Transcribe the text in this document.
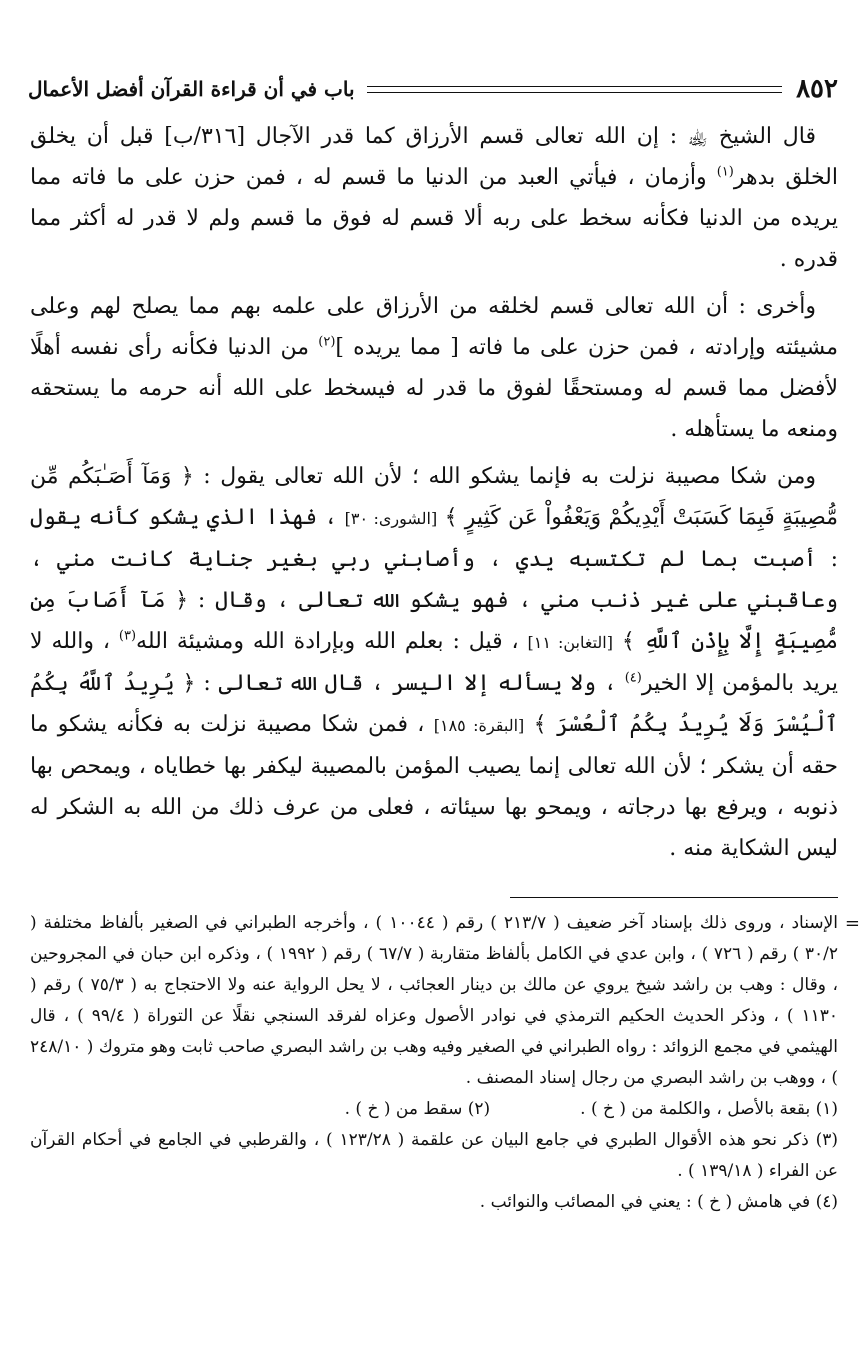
٨٥٢
باب في أن قراءة القرآن أفضل الأعمال

قال الشيخ ﵀ : إن الله تعالى قسم الأرزاق كما قدر الآجال [٣١٦/ب] قبل أن يخلق الخلق بدهر$^{(١)}$ وأزمان ، فيأتي العبد من الدنيا ما قسم له ، فمن حزن على ما فاته مما يريده من الدنيا فكأنه سخط على ربه ألا قسم له فوق ما قسم ولم لا قدر له أكثر مما قدره .

وأخرى : أن الله تعالى قسم لخلقه من الأرزاق على علمه بهم مما يصلح لهم وعلى مشيئته وإرادته ، فمن حزن على ما فاته [ مما يريده ]$^{(٢)}$ من الدنيا فكأنه رأى نفسه أهلًا لأفضل مما قسم له ومستحقًا لفوق ما قدر له فيسخط على الله أنه حرمه ما يستحقه ومنعه ما يستأهله .

ومن شكا مصيبة نزلت به فإنما يشكو الله ؛ لأن الله تعالى يقول : ﴿ وَمَآ أَصَـٰبَكُم مِّن مُّصِيبَةٍ فَبِمَا كَسَبَتْ أَيْدِيكُمْ وَيَعْفُواْ عَن كَثِيرٍ ﴾ [الشورى: ٣٠] ، فهذا الذي يشكو كأنه يقول : أصبت بما لم تكتسبه يدي ، وأصابني ربي بغير جناية كانت مني ، وعاقبني على غير ذنب مني ، فهو يشكو الله تعالى ، وقال : ﴿ مَآ أَصَابَ مِن مُّصِيبَةٍ إِلَّا بِإِذْنِ ٱللَّهِ ﴾ [التغابن: ١١] ، قيل : بعلم الله وبإرادة الله ومشيئة الله$^{(٣)}$ ، والله لا يريد بالمؤمن إلا الخير$^{(٤)}$ ، ولا يسأله إلا اليسر ، قال الله تعالى : ﴿ يُرِيدُ ٱللَّهُ بِكُمُ ٱلْيُسْرَ وَلَا يُرِيدُ بِكُمُ ٱلْعُسْرَ ﴾ [البقرة: ١٨٥] ، فمن شكا مصيبة نزلت به فكأنه يشكو ما حقه أن يشكر ؛ لأن الله تعالى إنما يصيب المؤمن بالمصيبة ليكفر بها خطاياه ، ويمحص بها ذنوبه ، ويرفع بها درجاته ، ويمحو بها سيئاته ، فعلى من عرف ذلك من الله به الشكر له ليس الشكاية منه .

=
الإسناد ، وروى ذلك بإسناد آخر ضعيف ( ٢١٣/٧ ) رقم ( ١٠٠٤٤ ) ، وأخرجه الطبراني في الصغير بألفاظ مختلفة ( ٣٠/٢ ) رقم ( ٧٢٦ ) ، وابن عدي في الكامل بألفاظ متقاربة ( ٦٧/٧ ) رقم ( ١٩٩٢ ) ، وذكره ابن حبان في المجروحين ، وقال : وهب بن راشد شيخ يروي عن مالك بن دينار العجائب ، لا يحل الرواية عنه ولا الاحتجاج به ( ٧٥/٣ ) رقم ( ١١٣٠ ) ، وذكر الحديث الحكيم الترمذي في نوادر الأصول وعزاه لفرقد السنجي نقلًا عن التوراة ( ٩٩/٤ ) ، قال الهيثمي في مجمع الزوائد : رواه الطبراني في الصغير وفيه وهب بن راشد البصري صاحب ثابت وهو متروك ( ٢٤٨/١٠ ) ، ووهب بن راشد البصري من رجال إسناد المصنف .

(١) بقعة بالأصل ، والكلمة من ( خ ) .(٢) سقط من ( خ ) .

(٣) ذكر نحو هذه الأقوال الطبري في جامع البيان عن علقمة ( ١٢٣/٢٨ ) ، والقرطبي في الجامع في أحكام القرآن عن الفراء ( ١٣٩/١٨ ) .

(٤) في هامش ( خ ) : يعني في المصائب والنوائب .
